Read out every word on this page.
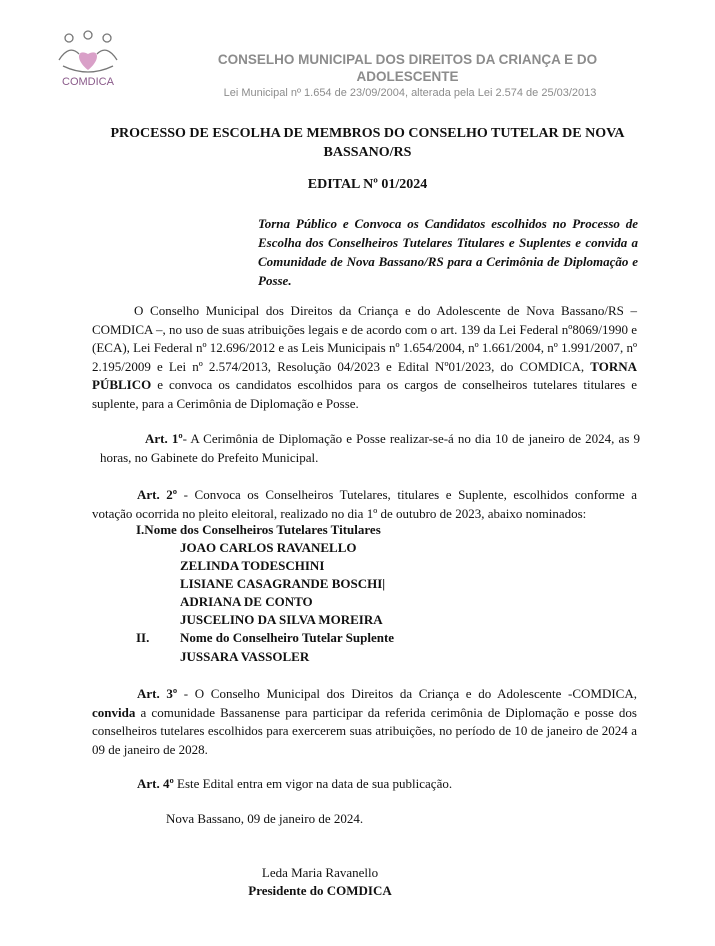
COMDICA
CONSELHO MUNICIPAL DOS DIREITOS DA CRIANÇA E DO ADOLESCENTE
Lei Municipal nº 1.654 de 23/09/2004, alterada pela Lei 2.574 de 25/03/2013
PROCESSO DE ESCOLHA DE MEMBROS DO CONSELHO TUTELAR DE NOVA BASSANO/RS
EDITAL Nº 01/2024
Torna Público e Convoca os Candidatos escolhidos no Processo de Escolha dos Conselheiros Tutelares Titulares e Suplentes e convida a Comunidade de Nova Bassano/RS para a Cerimônia de Diplomação e Posse.
O Conselho Municipal dos Direitos da Criança e do Adolescente de Nova Bassano/RS – COMDICA –, no uso de suas atribuições legais e de acordo com o art. 139 da Lei Federal nº8069/1990 e (ECA), Lei Federal nº 12.696/2012 e as Leis Municipais nº 1.654/2004, nº 1.661/2004, nº 1.991/2007, nº 2.195/2009 e Lei nº 2.574/2013, Resolução 04/2023 e Edital Nº01/2023, do COMDICA, TORNA PÚBLICO e convoca os candidatos escolhidos para os cargos de conselheiros tutelares titulares e suplente, para a Cerimônia de Diplomação e Posse.
Art. 1º- A Cerimônia de Diplomação e Posse realizar-se-á no dia 10 de janeiro de 2024, as 9 horas, no Gabinete do Prefeito Municipal.
Art. 2º - Convoca os Conselheiros Tutelares, titulares e Suplente, escolhidos conforme a votação ocorrida no pleito eleitoral, realizado no dia 1º de outubro de 2023, abaixo nominados:
I.Nome dos Conselheiros Tutelares Titulares
JOAO CARLOS RAVANELLO
ZELINDA TODESCHINI
LISIANE CASAGRANDE BOSCHI|
ADRIANA DE CONTO
JUSCELINO DA SILVA MOREIRA
II. Nome do Conselheiro Tutelar Suplente
JUSSARA VASSOLER
Art. 3º - O Conselho Municipal dos Direitos da Criança e do Adolescente -COMDICA, convida a comunidade Bassanense para participar da referida cerimônia de Diplomação e posse dos conselheiros tutelares escolhidos para exercerem suas atribuições, no período de 10 de janeiro de 2024 a 09 de janeiro de 2028.
Art. 4º Este Edital entra em vigor na data de sua publicação.
Nova Bassano, 09 de janeiro de 2024.
Leda Maria Ravanello
Presidente do COMDICA
